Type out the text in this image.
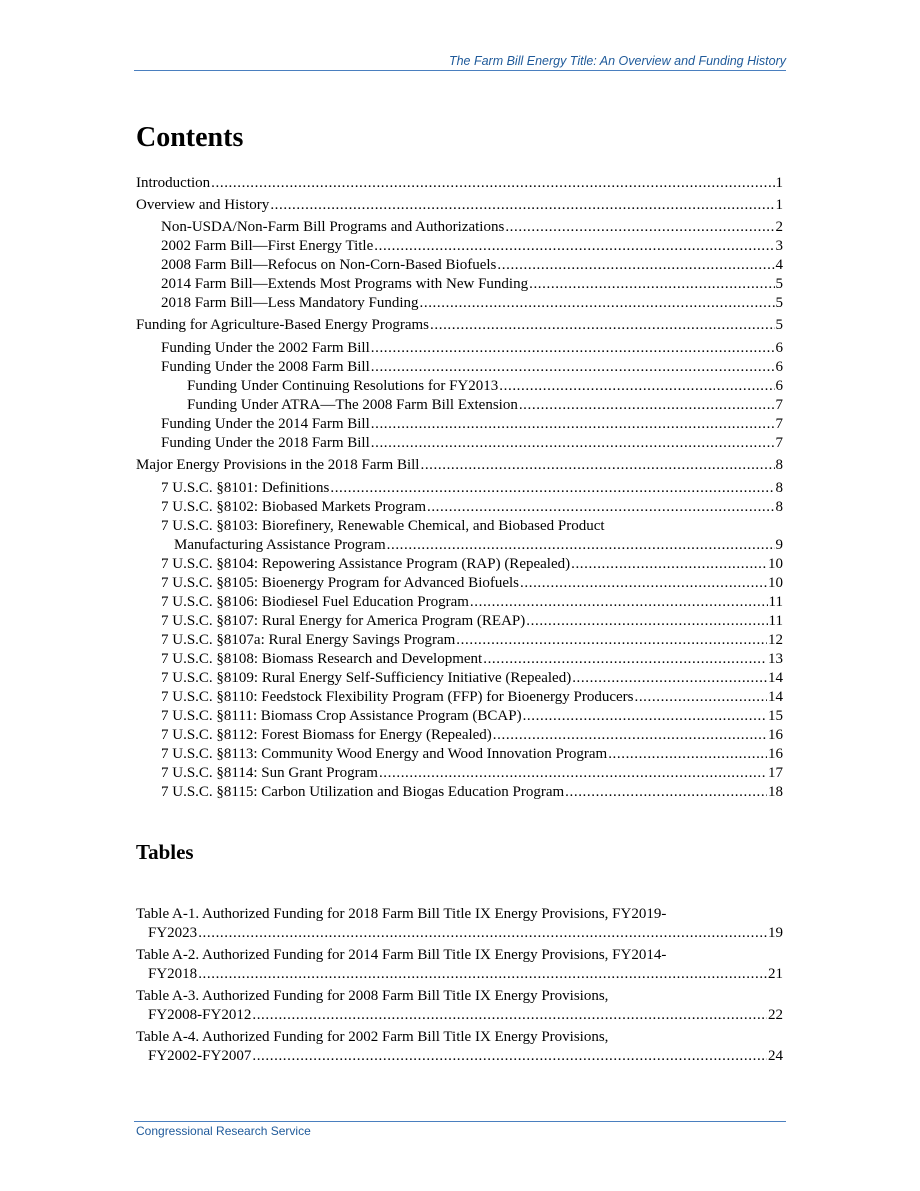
The Farm Bill Energy Title: An Overview and Funding History
Contents
Introduction .....	1
Overview and History .....	1
Non-USDA/Non-Farm Bill Programs and Authorizations .....	2
2002 Farm Bill—First Energy Title .....	3
2008 Farm Bill—Refocus on Non-Corn-Based Biofuels .....	4
2014 Farm Bill—Extends Most Programs with New Funding .....	5
2018 Farm Bill—Less Mandatory Funding .....	5
Funding for Agriculture-Based Energy Programs .....	5
Funding Under the 2002 Farm Bill .....	6
Funding Under the 2008 Farm Bill .....	6
Funding Under Continuing Resolutions for FY2013 .....	6
Funding Under ATRA—The 2008 Farm Bill Extension .....	7
Funding Under the 2014 Farm Bill .....	7
Funding Under the 2018 Farm Bill .....	7
Major Energy Provisions in the 2018 Farm Bill .....	8
7 U.S.C. §8101: Definitions .....	8
7 U.S.C. §8102: Biobased Markets Program .....	8
7 U.S.C. §8103: Biorefinery, Renewable Chemical, and Biobased Product
Manufacturing Assistance Program .....	9
7 U.S.C. §8104: Repowering Assistance Program (RAP) (Repealed) .....	10
7 U.S.C. §8105: Bioenergy Program for Advanced Biofuels .....	10
7 U.S.C. §8106: Biodiesel Fuel Education Program .....	11
7 U.S.C. §8107: Rural Energy for America Program (REAP) .....	11
7 U.S.C. §8107a: Rural Energy Savings Program .....	12
7 U.S.C. §8108: Biomass Research and Development .....	13
7 U.S.C. §8109: Rural Energy Self-Sufficiency Initiative (Repealed) .....	14
7 U.S.C. §8110: Feedstock Flexibility Program (FFP) for Bioenergy Producers .....	14
7 U.S.C. §8111: Biomass Crop Assistance Program (BCAP) .....	15
7 U.S.C. §8112: Forest Biomass for Energy (Repealed) .....	16
7 U.S.C. §8113: Community Wood Energy and Wood Innovation Program .....	16
7 U.S.C. §8114: Sun Grant Program .....	17
7 U.S.C. §8115: Carbon Utilization and Biogas Education Program .....	18
Tables
Table A-1. Authorized Funding for 2018 Farm Bill Title IX Energy Provisions, FY2019-
FY2023 .....	19
Table A-2. Authorized Funding for 2014 Farm Bill Title IX Energy Provisions, FY2014-
FY2018 .....	21
Table A-3. Authorized Funding for 2008 Farm Bill Title IX Energy Provisions,
FY2008-FY2012 .....	22
Table A-4. Authorized Funding for 2002 Farm Bill Title IX Energy Provisions,
FY2002-FY2007 .....	24
Congressional Research Service
